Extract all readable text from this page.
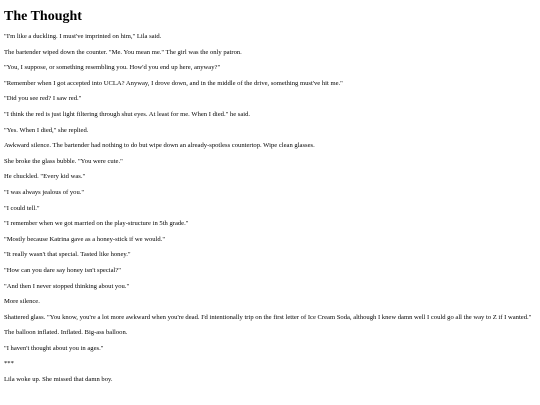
The Thought

"I'm like a duckling. I must've imprinted on him," Lila said.

The bartender wiped down the counter. "Me. You mean me." The girl was the only patron.

"You, I suppose, or something resembling you. How'd you end up here, anyway?"

"Remember when I got accepted into UCLA? Anyway, I drove down, and in the middle of the drive, something must've hit me."

"Did you see red? I saw red."

"I think the red is just light filtering through shut eyes. At least for me. When I died." he said.

"Yes. When I died," she replied.

Awkward silence. The bartender had nothing to do but wipe down an already-spotless countertop. Wipe clean glasses.

She broke the glass bubble. "You were cute."

He chuckled. "Every kid was."

"I was always jealous of you."

"I could tell."

"I remember when we got married on the play-structure in 5th grade."

"Mostly because Katrina gave as a honey-stick if we would."

"It really wasn't that special. Tasted like honey."

"How can you dare say honey isn't special?"

"And then I never stopped thinking about you."

More silence.

Shattered glass. "You know, you're a lot more awkward when you're dead. I'd intentionally trip on the first letter of Ice Cream Soda, although I knew damn well I could go all the way to Z if I wanted."

The balloon inflated. Inflated. Big-ass balloon.

"I haven't thought about you in ages."

***

Lila woke up. She missed that damn boy.
